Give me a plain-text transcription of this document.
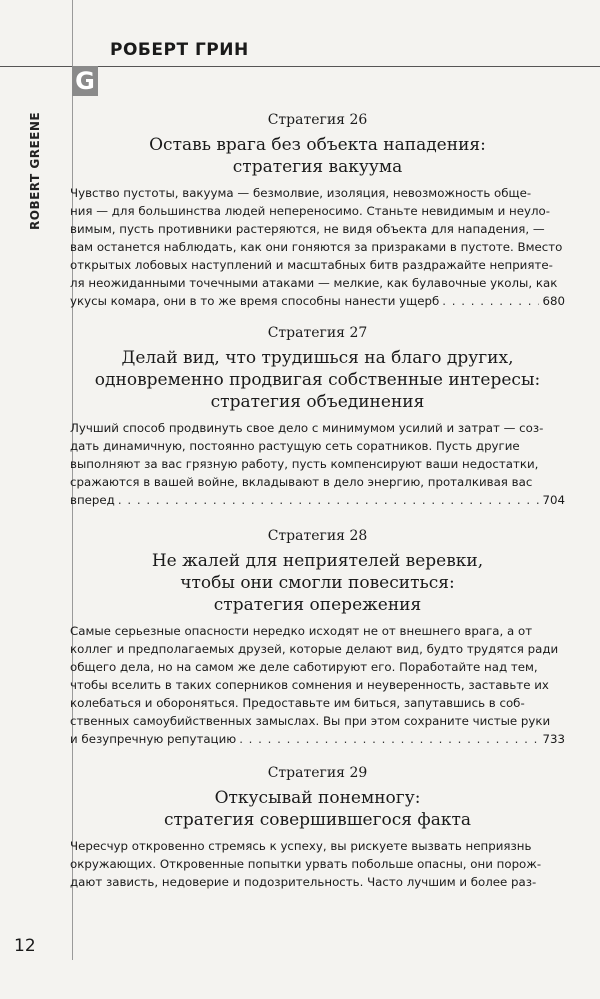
РОБЕРТ ГРИН
G
ROBERT GREENE	Стратегия 26
Оставь врага без объекта нападения:
стратегия вакуума

Чувство пустоты, вакуума — безмолвие, изоляция, невозможность обще-

ния — для большинства людей непереносимо. Станьте невидимым и неуло-

вимым, пусть противники растеряются, не видя объекта для нападения, —

вам останется наблюдать, как они гоняются за призраками в пустоте. Вместо

открытых лобовых наступлений и масштабных битв раздражайте неприяте-

ля неожиданными точечными атаками — мелкие, как булавочные уколы, как

укусы комара, они в то же время способны нанести ущерб . . .	680
Стратегия 27
Делай вид, что трудишься на благо других,
одновременно продвигая собственные интересы:
стратегия объединения

Лучший способ продвинуть свое дело с минимумом усилий и затрат — соз-

дать динамичную, постоянно растущую сеть соратников. Пусть другие

выполняют за вас грязную работу, пусть компенсируют ваши недостатки,

сражаются в вашей войне, вкладывают в дело энергию, проталкивая вас

вперед . . .	704
Стратегия 28
Не жалей для неприятелей веревки,
чтобы они смогли повеситься:
стратегия опережения

Самые серьезные опасности нередко исходят не от внешнего врага, а от

коллег и предполагаемых друзей, которые делают вид, будто трудятся ради

общего дела, но на самом же деле саботируют его. Поработайте над тем,

чтобы вселить в таких соперников сомнения и неуверенность, заставьте их

колебаться и обороняться. Предоставьте им биться, запутавшись в соб-

ственных самоубийственных замыслах. Вы при этом сохраните чистые руки

и безупречную репутацию . . .	733
Стратегия 29
Откусывай понемногу:
стратегия совершившегося факта

Чересчур откровенно стремясь к успеху, вы рискуете вызвать неприязнь

окружающих. Откровенные попытки урвать побольше опасны, они порож-

дают зависть, недоверие и подозрительность. Часто лучшим и более раз-

12
